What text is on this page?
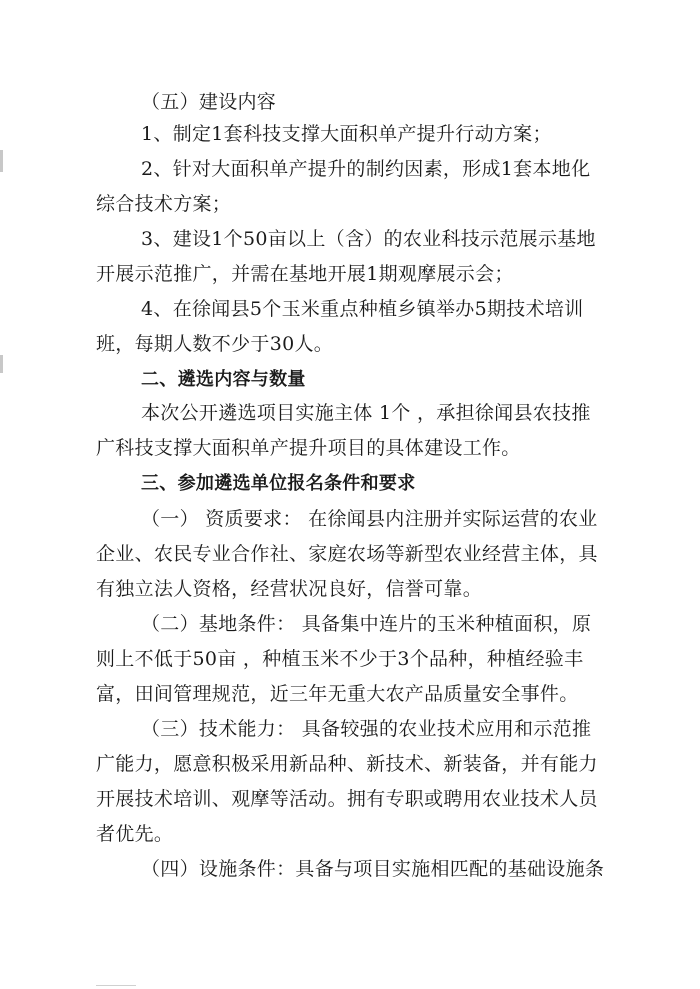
（五）建设内容
1、制定1套科技支撑大面积单产提升行动方案；
2、针对大面积单产提升的制约因素，形成1套本地化
综合技术方案；
3、建设1个50亩以上（含）的农业科技示范展示基地
开展示范推广，并需在基地开展1期观摩展示会；
4、在徐闻县5个玉米重点种植乡镇举办5期技术培训
班，每期人数不少于30人。
二、遴选内容与数量
本次公开遴选项目实施主体 1个 ，承担徐闻县农技推
广科技支撑大面积单产提升项目的具体建设工作。
三、参加遴选单位报名条件和要求
（一） 资质要求： 在徐闻县内注册并实际运营的农业
企业、农民专业合作社、家庭农场等新型农业经营主体，具
有独立法人资格，经营状况良好，信誉可靠。
（二）基地条件： 具备集中连片的玉米种植面积，原
则上不低于50亩 ，种植玉米不少于3个品种，种植经验丰
富，田间管理规范，近三年无重大农产品质量安全事件。
（三）技术能力： 具备较强的农业技术应用和示范推
广能力，愿意积极采用新品种、新技术、新装备，并有能力
开展技术培训、观摩等活动。拥有专职或聘用农业技术人员
者优先。
（四）设施条件：具备与项目实施相匹配的基础设施条
